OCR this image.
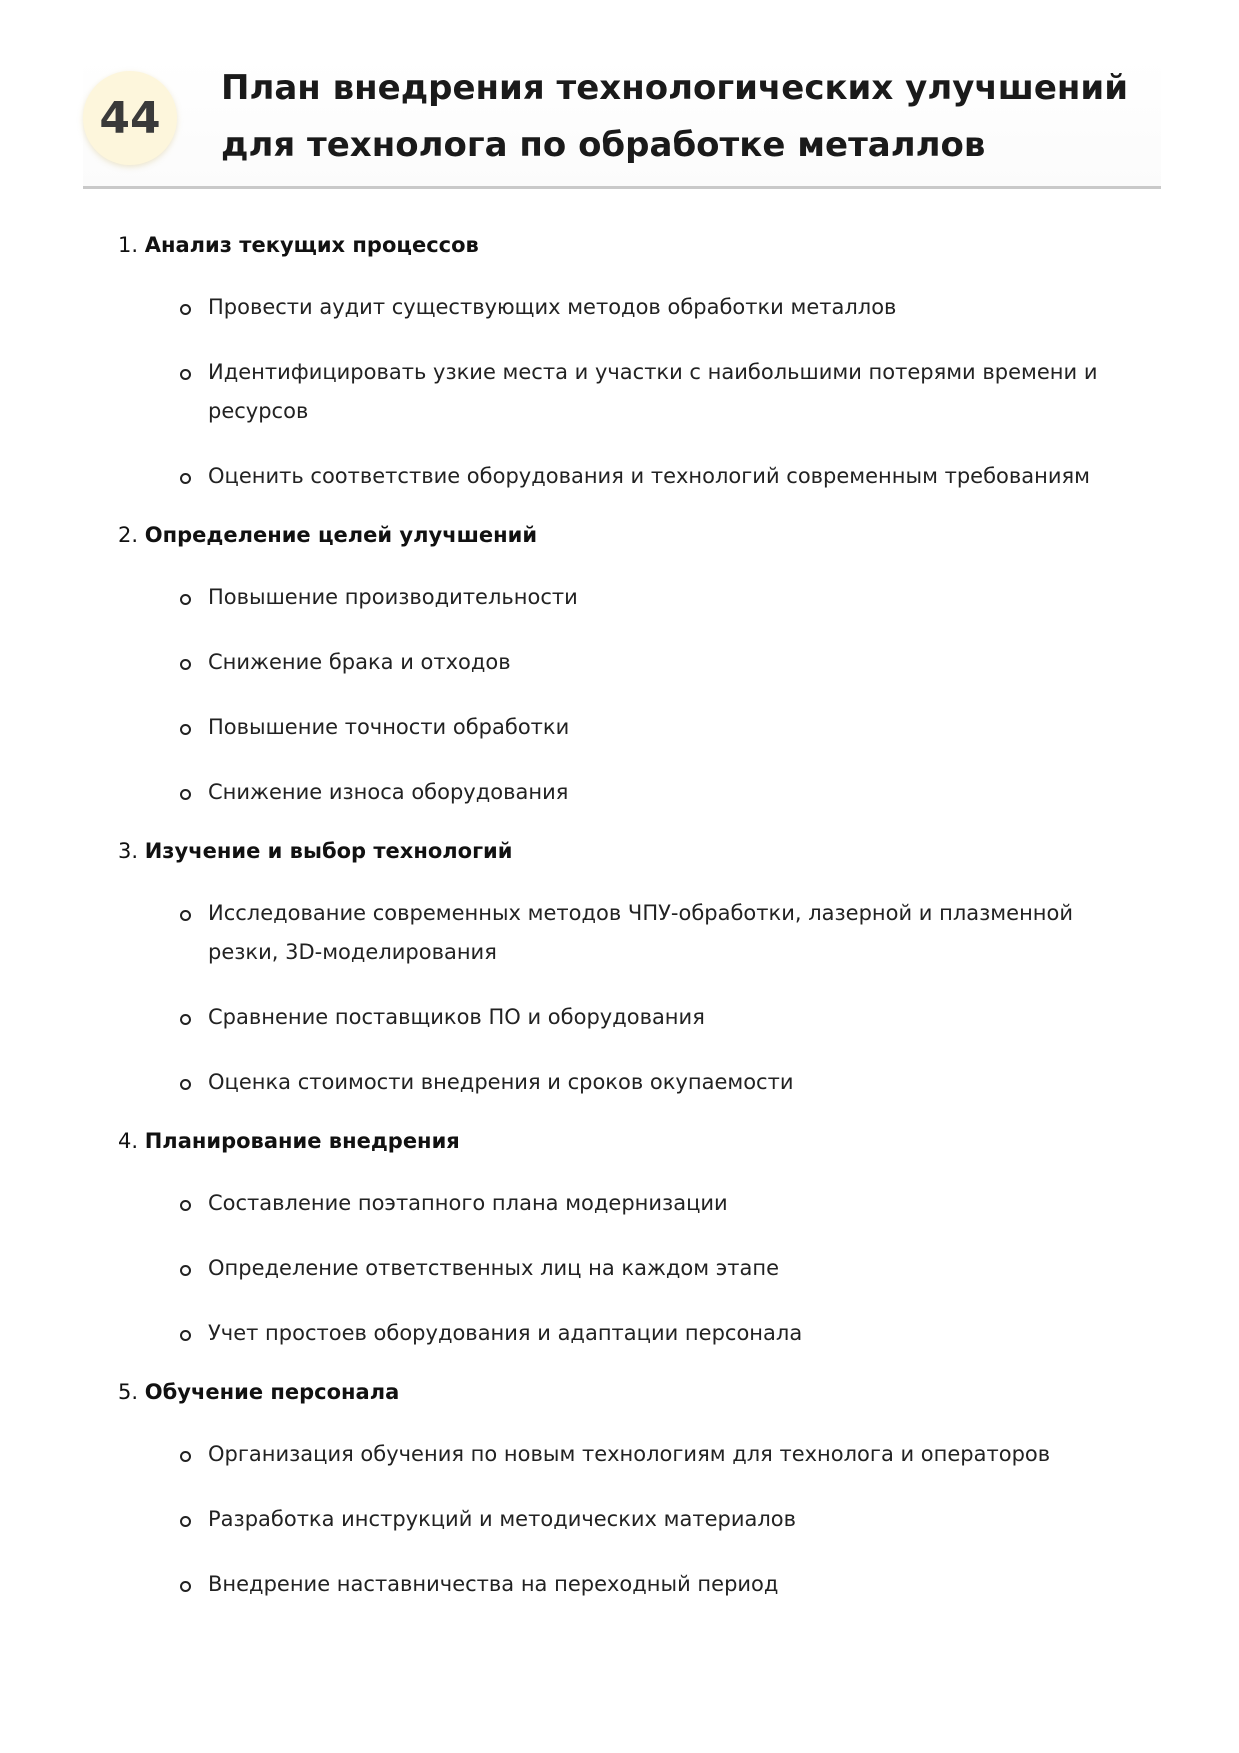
44
План внедрения технологических улучшений для технолога по обработке металлов
1. Анализ текущих процессов
Провести аудит существующих методов обработки металлов
Идентифицировать узкие места и участки с наибольшими потерями времени и ресурсов
Оценить соответствие оборудования и технологий современным требованиям
2. Определение целей улучшений
Повышение производительности
Снижение брака и отходов
Повышение точности обработки
Снижение износа оборудования
3. Изучение и выбор технологий
Исследование современных методов ЧПУ-обработки, лазерной и плазменной резки, 3D-моделирования
Сравнение поставщиков ПО и оборудования
Оценка стоимости внедрения и сроков окупаемости
4. Планирование внедрения
Составление поэтапного плана модернизации
Определение ответственных лиц на каждом этапе
Учет простоев оборудования и адаптации персонала
5. Обучение персонала
Организация обучения по новым технологиям для технолога и операторов
Разработка инструкций и методических материалов
Внедрение наставничества на переходный период
